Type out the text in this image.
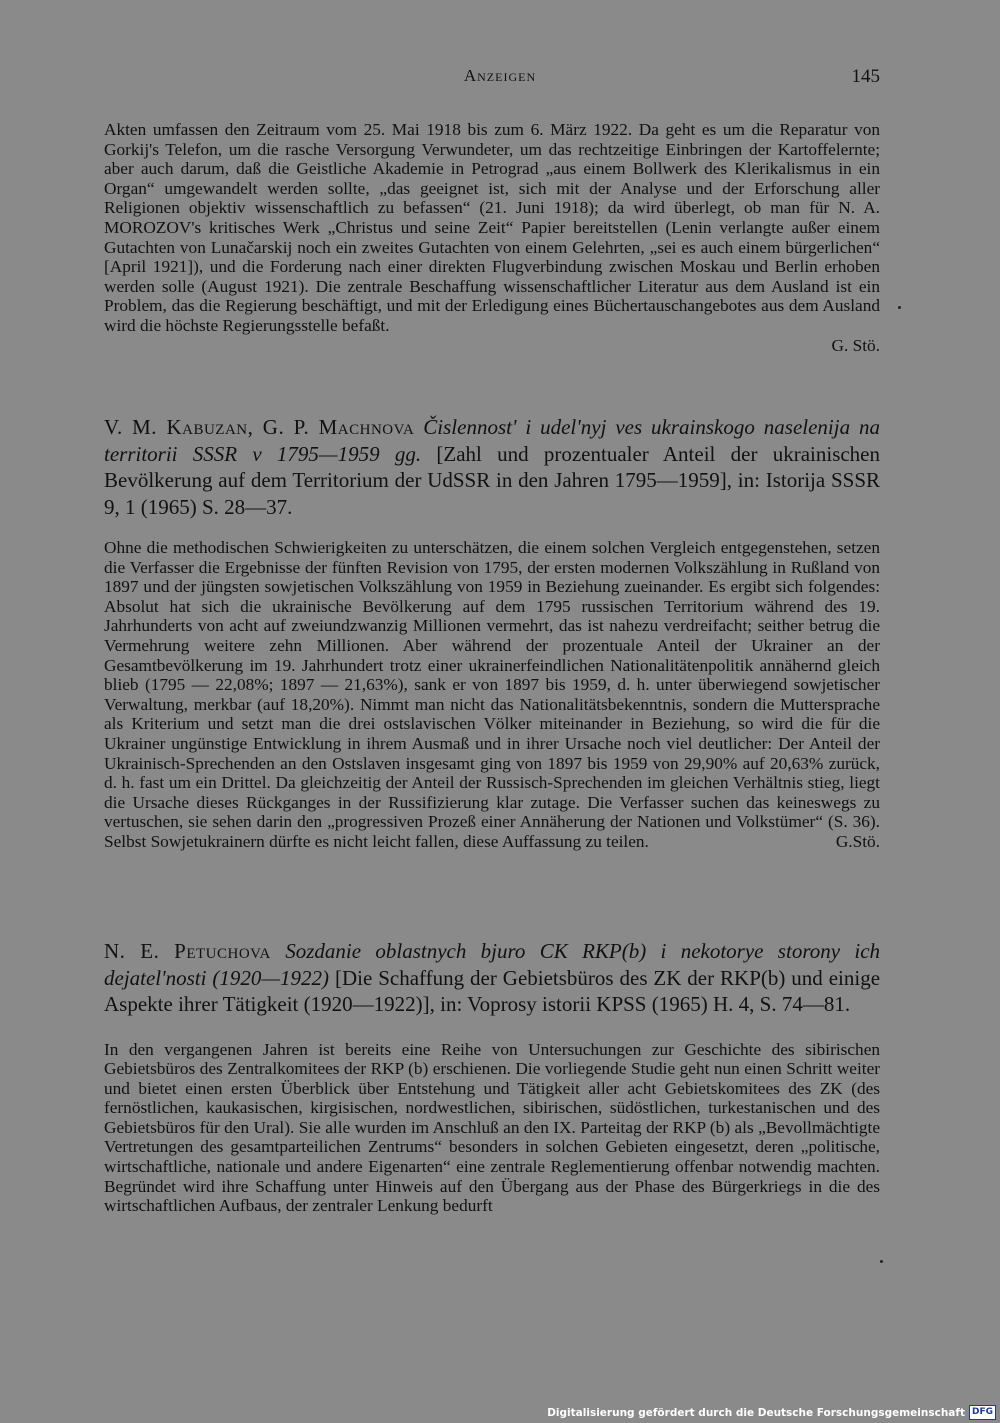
Anzeigen	145

Akten umfassen den Zeitraum vom 25. Mai 1918 bis zum 6. März 1922. Da geht es um die Reparatur von Gorkij's Telefon, um die rasche Versorgung Verwundeter, um das rechtzeitige Einbringen der Kartoffelernte; aber auch darum, daß die Geistliche Akademie in Petrograd „aus einem Bollwerk des Klerikalismus in ein Organ“ umgewandelt werden sollte, „das geeignet ist, sich mit der Analyse und der Erforschung aller Religionen objektiv wissenschaftlich zu befassen“ (21. Juni 1918); da wird überlegt, ob man für N. A. MOROZOV's kritisches Werk „Christus und seine Zeit“ Papier bereitstellen (Lenin verlangte außer einem Gutachten von Lunačarskij noch ein zweites Gutachten von einem Gelehrten, „sei es auch einem bürgerlichen“ [April 1921]), und die Forderung nach einer direkten Flugverbindung zwischen Moskau und Berlin erhoben werden solle (August 1921). Die zentrale Beschaffung wissenschaftlicher Literatur aus dem Ausland ist ein Problem, das die Regierung beschäftigt, und mit der Erledigung eines Büchertauschangebotes aus dem Ausland wird die höchste Regierungsstelle befaßt.

G. Stö.

V. M. Kabuzan, G. P. Machnova Čislennost' i udel'nyj ves ukrainskogo naselenija na territorii SSSR v 1795—1959 gg. [Zahl und prozentualer Anteil der ukrainischen Bevölkerung auf dem Territorium der UdSSR in den Jahren 1795—1959], in: Istorija SSSR 9, 1 (1965) S. 28—37.

Ohne die methodischen Schwierigkeiten zu unterschätzen, die einem solchen Vergleich entgegenstehen, setzen die Verfasser die Ergebnisse der fünften Revision von 1795, der ersten modernen Volkszählung in Rußland von 1897 und der jüngsten sowjetischen Volkszählung von 1959 in Beziehung zueinander. Es ergibt sich folgendes: Absolut hat sich die ukrainische Bevölkerung auf dem 1795 russischen Territorium während des 19. Jahrhunderts von acht auf zweiundzwanzig Millionen vermehrt, das ist nahezu verdreifacht; seither betrug die Vermehrung weitere zehn Millionen. Aber während der prozentuale Anteil der Ukrainer an der Gesamtbevölkerung im 19. Jahrhundert trotz einer ukrainerfeindlichen Nationalitätenpolitik annähernd gleich blieb (1795 — 22,08%; 1897 — 21,63%), sank er von 1897 bis 1959, d. h. unter überwiegend sowjetischer Verwaltung, merkbar (auf 18,20%). Nimmt man nicht das Nationalitätsbekenntnis, sondern die Muttersprache als Kriterium und setzt man die drei ostslavischen Völker miteinander in Beziehung, so wird die für die Ukrainer ungünstige Entwicklung in ihrem Ausmaß und in ihrer Ursache noch viel deutlicher: Der Anteil der Ukrainisch-Sprechenden an den Ostslaven insgesamt ging von 1897 bis 1959 von 29,90% auf 20,63% zurück, d. h. fast um ein Drittel. Da gleichzeitig der Anteil der Russisch-Sprechenden im gleichen Verhältnis stieg, liegt die Ursache dieses Rückganges in der Russifizierung klar zutage. Die Verfasser suchen das keineswegs zu vertuschen, sie sehen darin den „progressiven Prozeß einer Annäherung der Nationen und Volkstümer“ (S. 36). Selbst Sowjetukrainern dürfte es nicht leicht fallen, diese Auffassung zu teilen.	G.Stö.

N. E. Petuchova Sozdanie oblastnych bjuro CK RKP(b) i nekotorye storony ich dejatel'nosti (1920—1922) [Die Schaffung der Gebietsbüros des ZK der RKP(b) und einige Aspekte ihrer Tätigkeit (1920—1922)], in: Voprosy istorii KPSS (1965) H. 4, S. 74—81.

In den vergangenen Jahren ist bereits eine Reihe von Untersuchungen zur Geschichte des sibirischen Gebietsbüros des Zentralkomitees der RKP (b) erschienen. Die vorliegende Studie geht nun einen Schritt weiter und bietet einen ersten Überblick über Entstehung und Tätigkeit aller acht Gebietskomitees des ZK (des fernöstlichen, kaukasischen, kirgisischen, nordwestlichen, sibirischen, südöstlichen, turkestanischen und des Gebietsbüros für den Ural). Sie alle wurden im Anschluß an den IX. Parteitag der RKP (b) als „Bevollmächtigte Vertretungen des gesamtparteilichen Zentrums“ besonders in solchen Gebieten eingesetzt, deren „politische, wirtschaftliche, nationale und andere Eigenarten“ eine zentrale Reglementierung offenbar notwendig machten. Begründet wird ihre Schaffung unter Hinweis auf den Übergang aus der Phase des Bürgerkriegs in die des wirtschaftlichen Aufbaus, der zentraler Lenkung bedurft

Digitalisierung gefördert durch die Deutsche Forschungsgemeinschaft DFG
